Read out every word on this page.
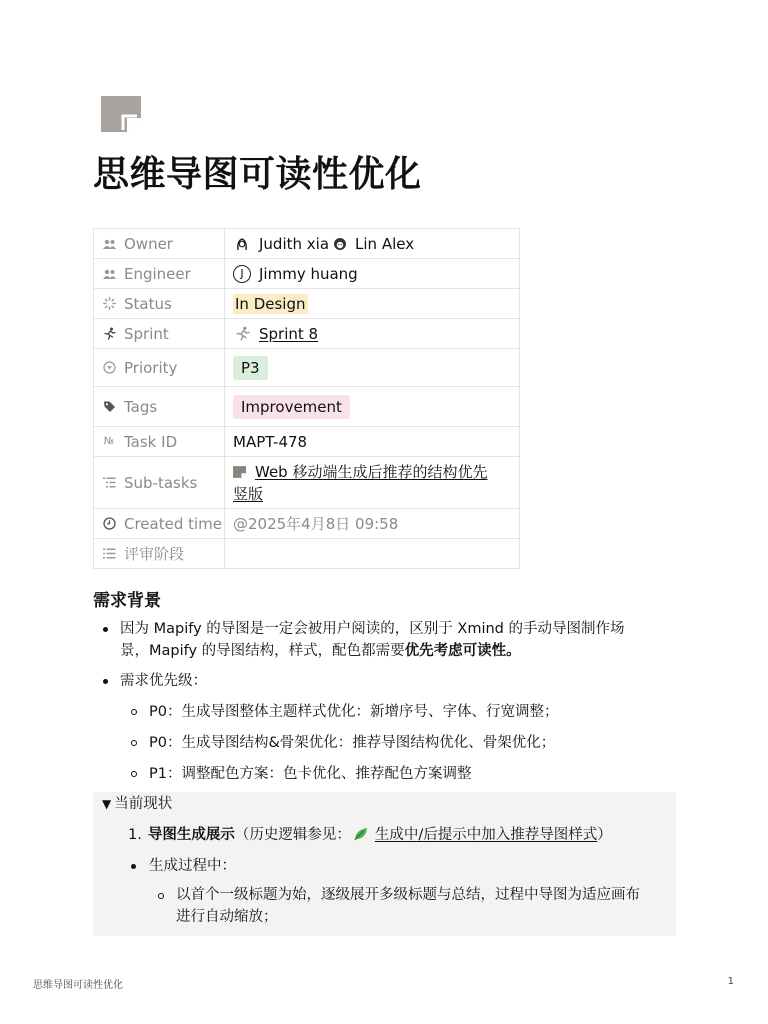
思维导图可读性优化
Owner	Judith xia Lin Alex

Engineer	J Jimmy huang

Status	In Design

Sprint	Sprint 8

Priority	P3

Tags	Improvement

№ Task ID	MAPT-478

Sub-tasks	Web 移动端生成后推荐的结构优先
竖版

Created time	@2025年4月8日 09:58

评审阶段	

需求背景
因为 Mapify 的导图是一定会被用户阅读的，区别于 Xmind 的手动导图制作场
景，Mapify 的导图结构，样式，配色都需要优先考虑可读性。
需求优先级：
P0：生成导图整体主题样式优化：新增序号、字体、行宽调整；
P0：生成导图结构&骨架优化：推荐导图结构优化、骨架优化；
P1：调整配色方案：色卡优化、推荐配色方案调整
▼ 当前现状
1. 导图生成展示（历史逻辑参见： 生成中/后提示中加入推荐导图样式）
生成过程中：
以首个一级标题为始，逐级展开多级标题与总结，过程中导图为适应画布
进行自动缩放；
思维导图可读性优化	1
